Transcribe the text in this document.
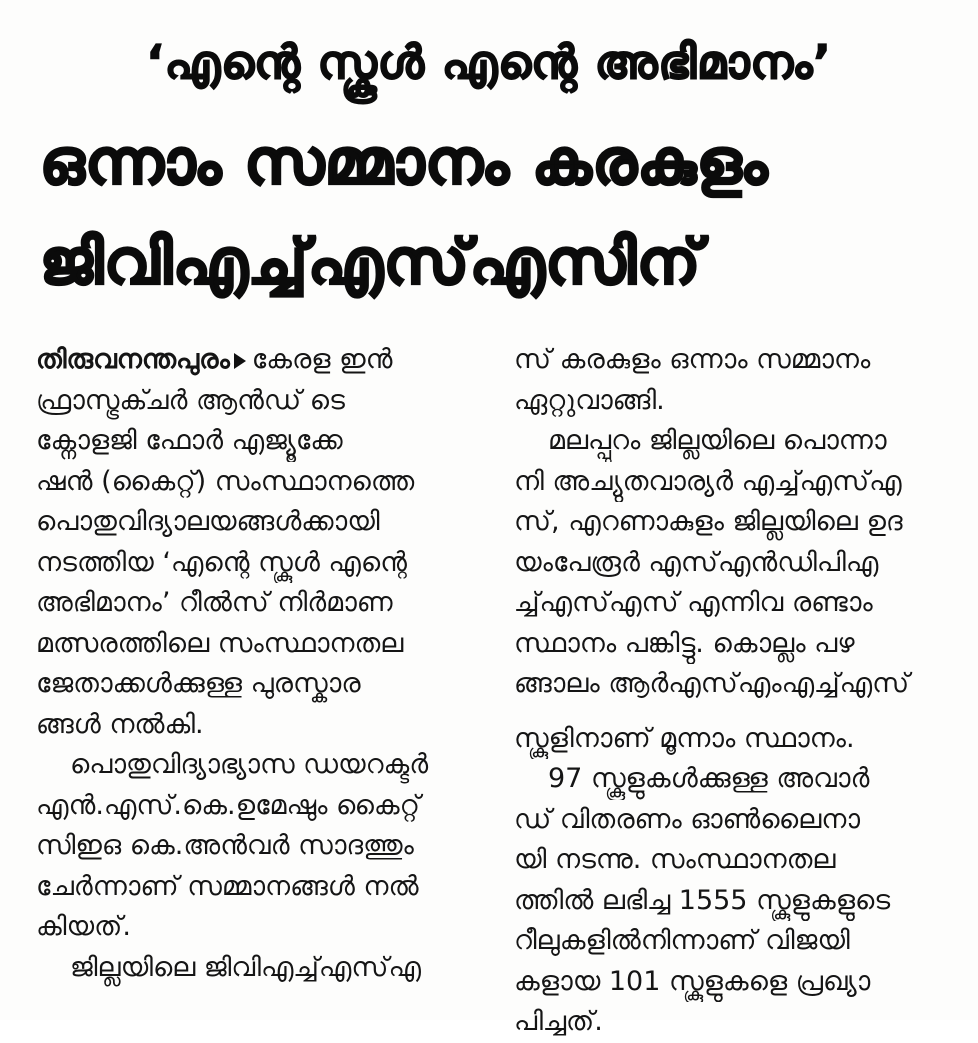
‘എന്റെ സ്കൂൾ എന്റെ അഭിമാനം’
ഒന്നാം സമ്മാനം കരകുളം
ജിവിഎച്ച്എസ്എസിന്

തിരുവനന്തപുരം കേരള ഇൻ

ഫ്രാസ്ട്രക്ചർ ആൻഡ് ടെ

ക്നോളജി ഫോർ എജ്യൂക്കേ

ഷൻ (കൈറ്റ്) സംസ്ഥാനത്തെ

പൊതുവിദ്യാലയങ്ങൾക്കായി

നടത്തിയ ‘എന്റെ സ്കൂൾ എന്റെ

അഭിമാനം’ റീൽസ് നിർമാണ

മത്സരത്തിലെ സംസ്ഥാനതല

ജേതാക്കൾക്കുള്ള പുരസ്കാര

ങ്ങൾ നൽകി.

പൊതുവിദ്യാഭ്യാസ ഡയറക്ടർ

എൻ.എസ്.കെ.ഉമേഷും കൈറ്റ്

സിഇഒ കെ.അൻവർ സാദത്തും

ചേർന്നാണ് സമ്മാനങ്ങൾ നൽ

കിയത്.

ജില്ലയിലെ ജിവിഎച്ച്എസ്എ

സ് കരകുളം ഒന്നാം സമ്മാനം

ഏറ്റുവാങ്ങി.

മലപ്പുറം ജില്ലയിലെ പൊന്നാ

നി അച്യുതവാര്യർ എച്ച്എസ്എ

സ്, എറണാകുളം ജില്ലയിലെ ഉദ

യംപേരൂർ എസ്എൻഡിപിഎ

ച്ച്എസ്എസ് എന്നിവ രണ്ടാം

സ്ഥാനം പങ്കിട്ടു. കൊല്ലം പഴ

ങ്ങാലം ആർഎസ്എംഎച്ച്എസ്

സ്കൂളിനാണ് മൂന്നാം സ്ഥാനം.

97 സ്കൂളുകൾക്കുള്ള അവാർ

ഡ് വിതരണം ഓൺലൈനാ

യി നടന്നു. സംസ്ഥാനതല

ത്തിൽ ലഭിച്ച 1555 സ്കൂളുകളുടെ

റീലുകളിൽനിന്നാണ് വിജയി

കളായ 101 സ്കൂളുകളെ പ്രഖ്യാ

പിച്ചത്.
